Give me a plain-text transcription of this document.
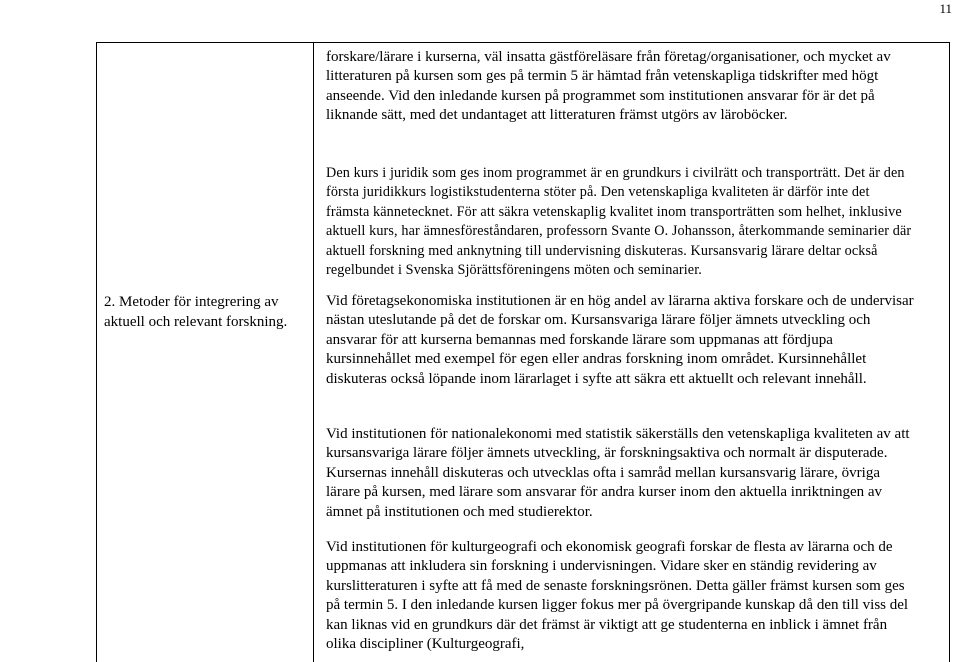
11
2. Metoder för integrering av aktuell och relevant forskning.

forskare/lärare i kurserna, väl insatta gästföreläsare från företag/organisationer, och mycket av litteraturen på kursen som ges på termin 5 är hämtad från vetenskapliga tidskrifter med högt anseende. Vid den inledande kursen på programmet som institutionen ansvarar för är det på liknande sätt, med det undantaget att litteraturen främst utgörs av läroböcker.

Den kurs i juridik som ges inom programmet är en grundkurs i civilrätt och transporträtt. Det är den första juridikkurs logistikstudenterna stöter på. Den vetenskapliga kvaliteten är därför inte det främsta kännetecknet. För att säkra vetenskaplig kvalitet inom transporträtten som helhet, inklusive aktuell kurs, har ämnesföreståndaren, professorn Svante O. Johansson, återkommande seminarier där aktuell forskning med anknytning till undervisning diskuteras. Kursansvarig lärare deltar också regelbundet i Svenska Sjörättsföreningens möten och seminarier.

Vid företagsekonomiska institutionen är en hög andel av lärarna aktiva forskare och de undervisar nästan uteslutande på det de forskar om. Kursansvariga lärare följer ämnets utveckling och ansvarar för att kurserna bemannas med forskande lärare som uppmanas att fördjupa kursinnehållet med exempel för egen eller andras forskning inom området. Kursinnehållet diskuteras också löpande inom lärarlaget i syfte att säkra ett aktuellt och relevant innehåll.

Vid institutionen för nationalekonomi med statistik säkerställs den vetenskapliga kvaliteten av att kursansvariga lärare följer ämnets utveckling, är forskningsaktiva och normalt är disputerade. Kursernas innehåll diskuteras och utvecklas ofta i samråd mellan kursansvarig lärare, övriga lärare på kursen, med lärare som ansvarar för andra kurser inom den aktuella inriktningen av ämnet på institutionen och med studierektor.

Vid institutionen för kulturgeografi och ekonomisk geografi forskar de flesta av lärarna och de uppmanas att inkludera sin forskning i undervisningen. Vidare sker en ständig revidering av kurslitteraturen i syfte att få med de senaste forskningsrönen. Detta gäller främst kursen som ges på termin 5. I den inledande kursen ligger fokus mer på övergripande kunskap då den till viss del kan liknas vid en grundkurs där det främst är viktigt att ge studenterna en inblick i ämnet från olika discipliner (Kulturgeografi,
